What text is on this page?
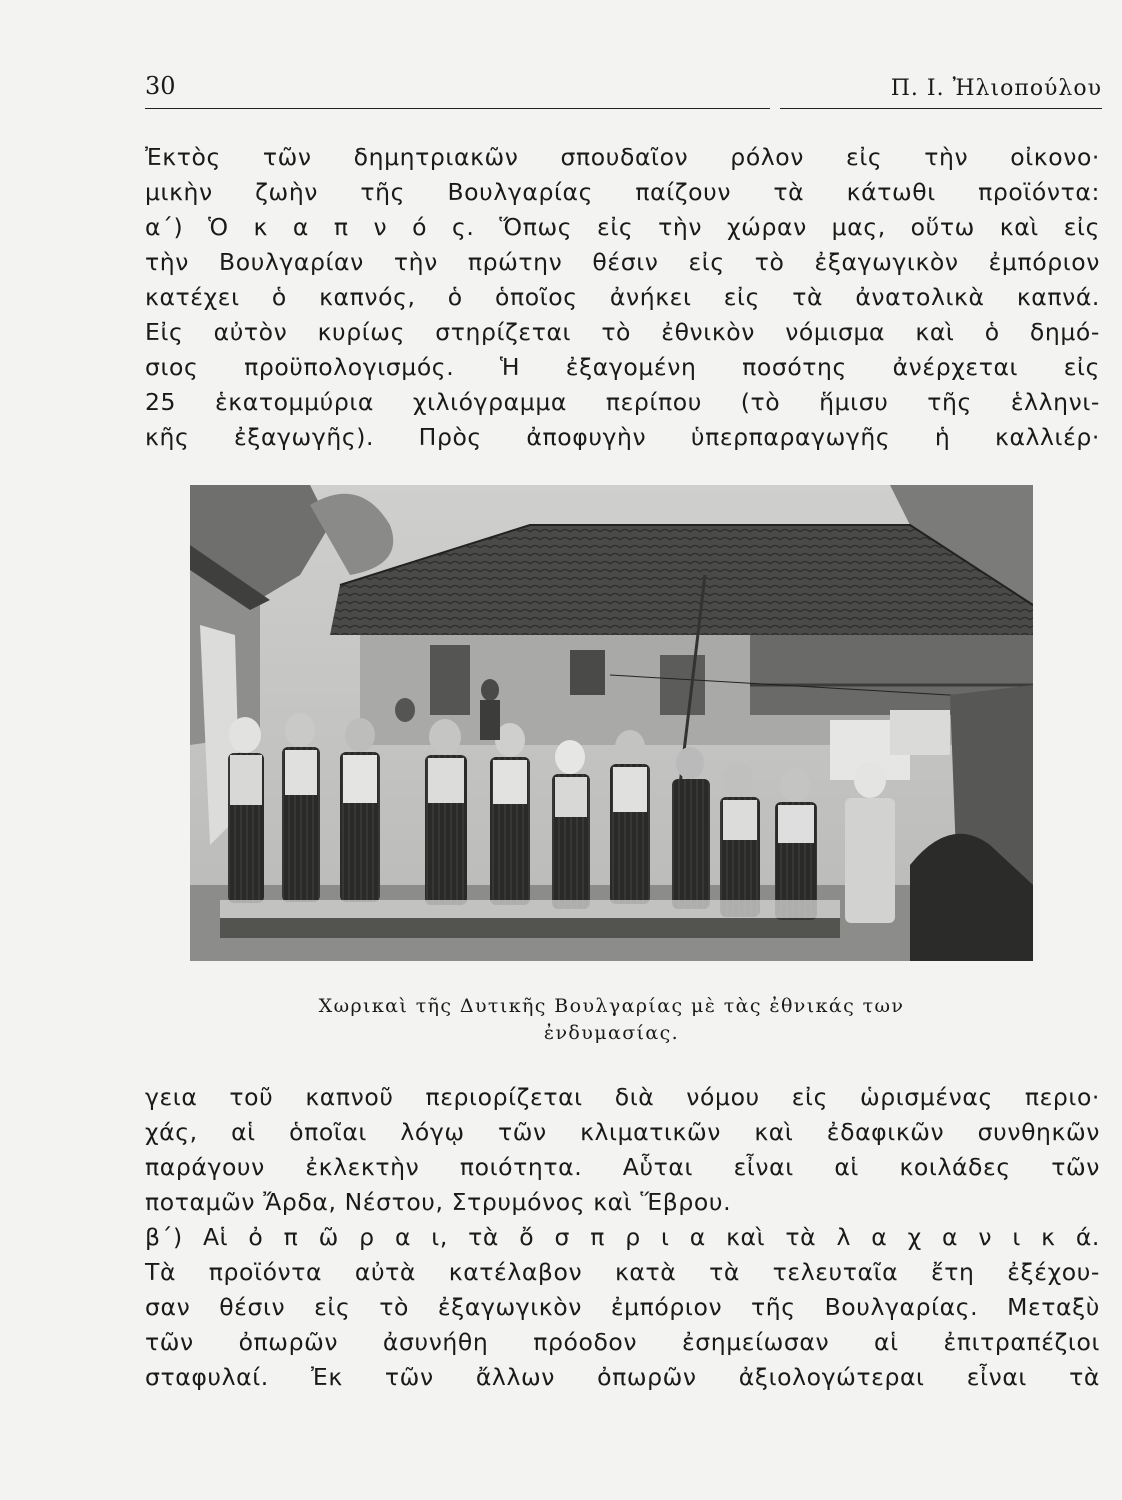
30	Π. Ι. Ἠλιοπούλου
Ἐκτὸς τῶν δημητριακῶν σπουδαῖον ρόλον εἰς τὴν οἰκονο·
μικὴν ζωὴν τῆς Βουλγαρίας παίζουν τὰ κάτωθι προϊόντα:
α΄) Ὁ κ α π ν ό ς. Ὅπως εἰς τὴν χώραν μας, οὕτω καὶ εἰς
τὴν Βουλγαρίαν τὴν πρώτην θέσιν εἰς τὸ ἐξαγωγικὸν ἐμπόριον
κατέχει ὁ καπνός, ὁ ὁποῖος ἀνήκει εἰς τὰ ἀνατολικὰ καπνά.
Εἰς αὐτὸν κυρίως στηρίζεται τὸ ἐθνικὸν νόμισμα καὶ ὁ δημό-
σιος προϋπολογισμός. Ἡ ἐξαγομένη ποσότης ἀνέρχεται εἰς
25 ἑκατομμύρια χιλιόγραμμα περίπου (τὸ ἥμισυ τῆς ἑλληνι-
κῆς ἐξαγωγῆς). Πρὸς ἀποφυγὴν ὑπερπαραγωγῆς ἡ καλλιέρ·
Χωρικαὶ τῆς Δυτικῆς Βουλγαρίας μὲ τὰς ἐθνικάς των
ἐνδυμασίας.
γεια τοῦ καπνοῦ περιορίζεται διὰ νόμου εἰς ὡρισμένας περιο·
χάς, αἱ ὁποῖαι λόγῳ τῶν κλιματικῶν καὶ ἐδαφικῶν συνθηκῶν
παράγουν ἐκλεκτὴν ποιότητα. Αὗται εἶναι αἱ κοιλάδες τῶν
ποταμῶν Ἄρδα, Νέστου, Στρυμόνος καὶ Ἕβρου.
β΄) Αἱ ὀ π ῶ ρ α ι, τὰ ὄ σ π ρ ι α καὶ τὰ λ α χ α ν ι κ ά.
Τὰ προϊόντα αὐτὰ κατέλαβον κατὰ τὰ τελευταῖα ἔτη ἐξέχου-
σαν θέσιν εἰς τὸ ἐξαγωγικὸν ἐμπόριον τῆς Βουλγαρίας. Μεταξὺ
τῶν ὀπωρῶν ἀσυνήθη πρόοδον ἐσημείωσαν αἱ ἐπιτραπέζιοι
σταφυλαί. Ἐκ τῶν ἄλλων ὀπωρῶν ἀξιολογώτεραι εἶναι τὰ
